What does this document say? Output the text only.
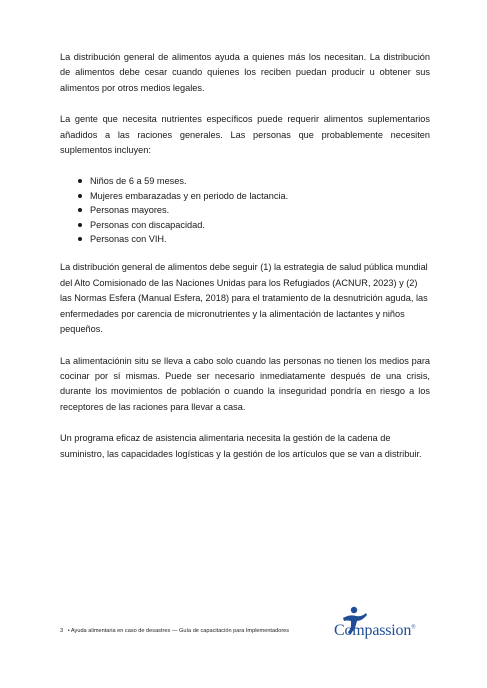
La distribución general de alimentos ayuda a quienes más los necesitan. La distribución de alimentos debe cesar cuando quienes los reciben puedan producir u obtener sus alimentos por otros medios legales.

La gente que necesita nutrientes específicos puede requerir alimentos suplementarios añadidos a las raciones generales. Las personas que probablemente necesiten suplementos incluyen:

Niños de 6 a 59 meses.
Mujeres embarazadas y en periodo de lactancia.
Personas mayores.
Personas con discapacidad.
Personas con VIH.

La distribución general de alimentos debe seguir (1) la estrategia de salud pública mundial del Alto Comisionado de las Naciones Unidas para los Refugiados (ACNUR, 2023) y (2) las Normas Esfera (Manual Esfera, 2018) para el tratamiento de la desnutrición aguda, las enfermedades por carencia de micronutrientes y la alimentación de lactantes y niños pequeños.

La alimentaciónin situ se lleva a cabo solo cuando las personas no tienen los medios para cocinar por sí mismas. Puede ser necesario inmediatamente después de una crisis, durante los movimientos de población o cuando la inseguridad pondría en riesgo a los receptores de las raciones para llevar a casa.

Un programa eficaz de asistencia alimentaria necesita la gestión de la cadena de suministro, las capacidades logísticas y la gestión de los artículos que se van a distribuir.

3 • Ayuda alimentaria en caso de desastres — Guía de capacitación para Implementadores	Compassion®
